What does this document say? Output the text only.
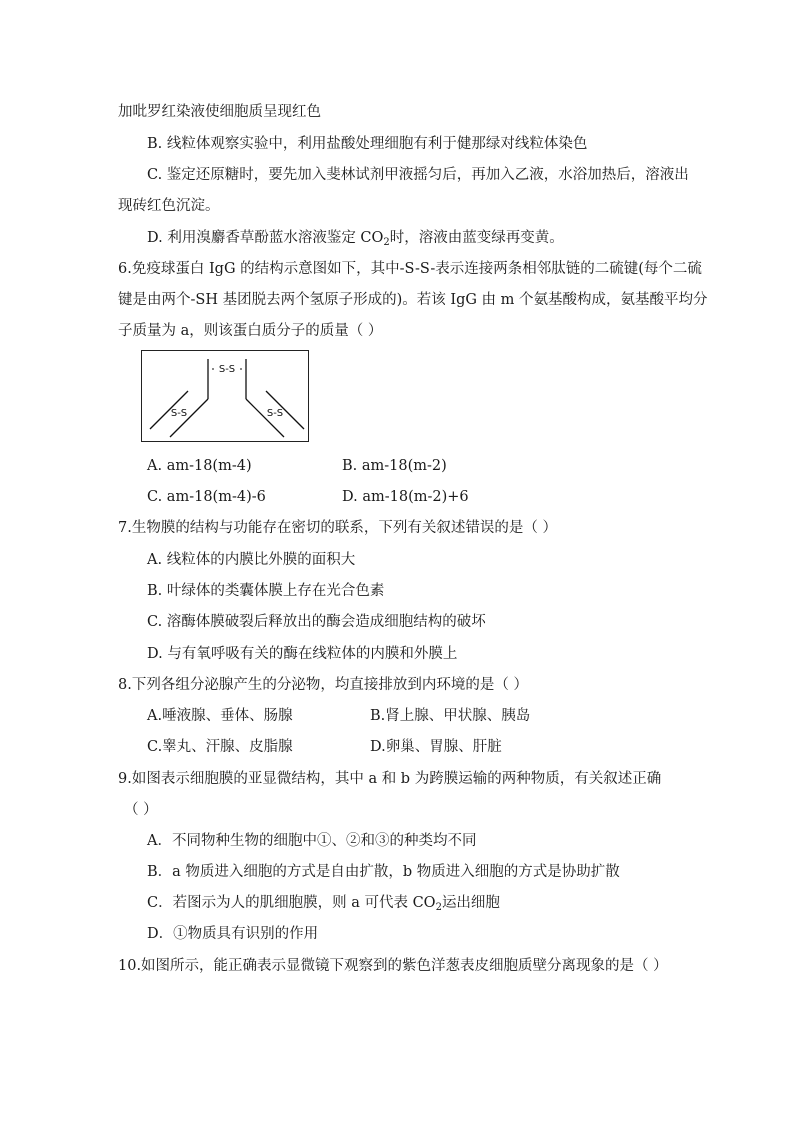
加吡罗红染液使细胞质呈现红色
B. 线粒体观察实验中，利用盐酸处理细胞有利于健那绿对线粒体染色
C. 鉴定还原糖时，要先加入斐林试剂甲液摇匀后，再加入乙液，水浴加热后，溶液出
现砖红色沉淀。
D. 利用溴麝香草酚蓝水溶液鉴定 $CO_2$时，溶液由蓝变绿再变黄。
6.免疫球蛋白 IgG 的结构示意图如下，其中-S-S-表示连接两条相邻肽链的二硫键(每个二硫
键是由两个-SH 基团脱去两个氢原子形成的)。若该 IgG 由 m 个氨基酸构成，氨基酸平均分
子质量为 a，则该蛋白质分子的质量（ ）
S-S
S-S	S-S
A. am-18(m-4)	B. am-18(m-2)
C. am-18(m-4)-6	D. am-18(m-2)+6
7.生物膜的结构与功能存在密切的联系，下列有关叙述错误的是（ ）
A. 线粒体的内膜比外膜的面积大
B. 叶绿体的类囊体膜上存在光合色素
C. 溶酶体膜破裂后释放出的酶会造成细胞结构的破坏
D. 与有氧呼吸有关的酶在线粒体的内膜和外膜上
8.下列各组分泌腺产生的分泌物，均直接排放到内环境的是（ ）
A.唾液腺、垂体、肠腺	B.肾上腺、甲状腺、胰岛
C.睾丸、汗腺、皮脂腺	D.卵巢、胃腺、肝脏
9.如图表示细胞膜的亚显微结构，其中 a 和 b 为跨膜运输的两种物质，有关叙述正确
（ ）
A．不同物种生物的细胞中①、②和③的种类均不同
B．a 物质进入细胞的方式是自由扩散，b 物质进入细胞的方式是协助扩散
C．若图示为人的肌细胞膜，则 a 可代表 $CO_2$运出细胞
D．①物质具有识别的作用
10.如图所示，能正确表示显微镜下观察到的紫色洋葱表皮细胞质壁分离现象的是（ ）
